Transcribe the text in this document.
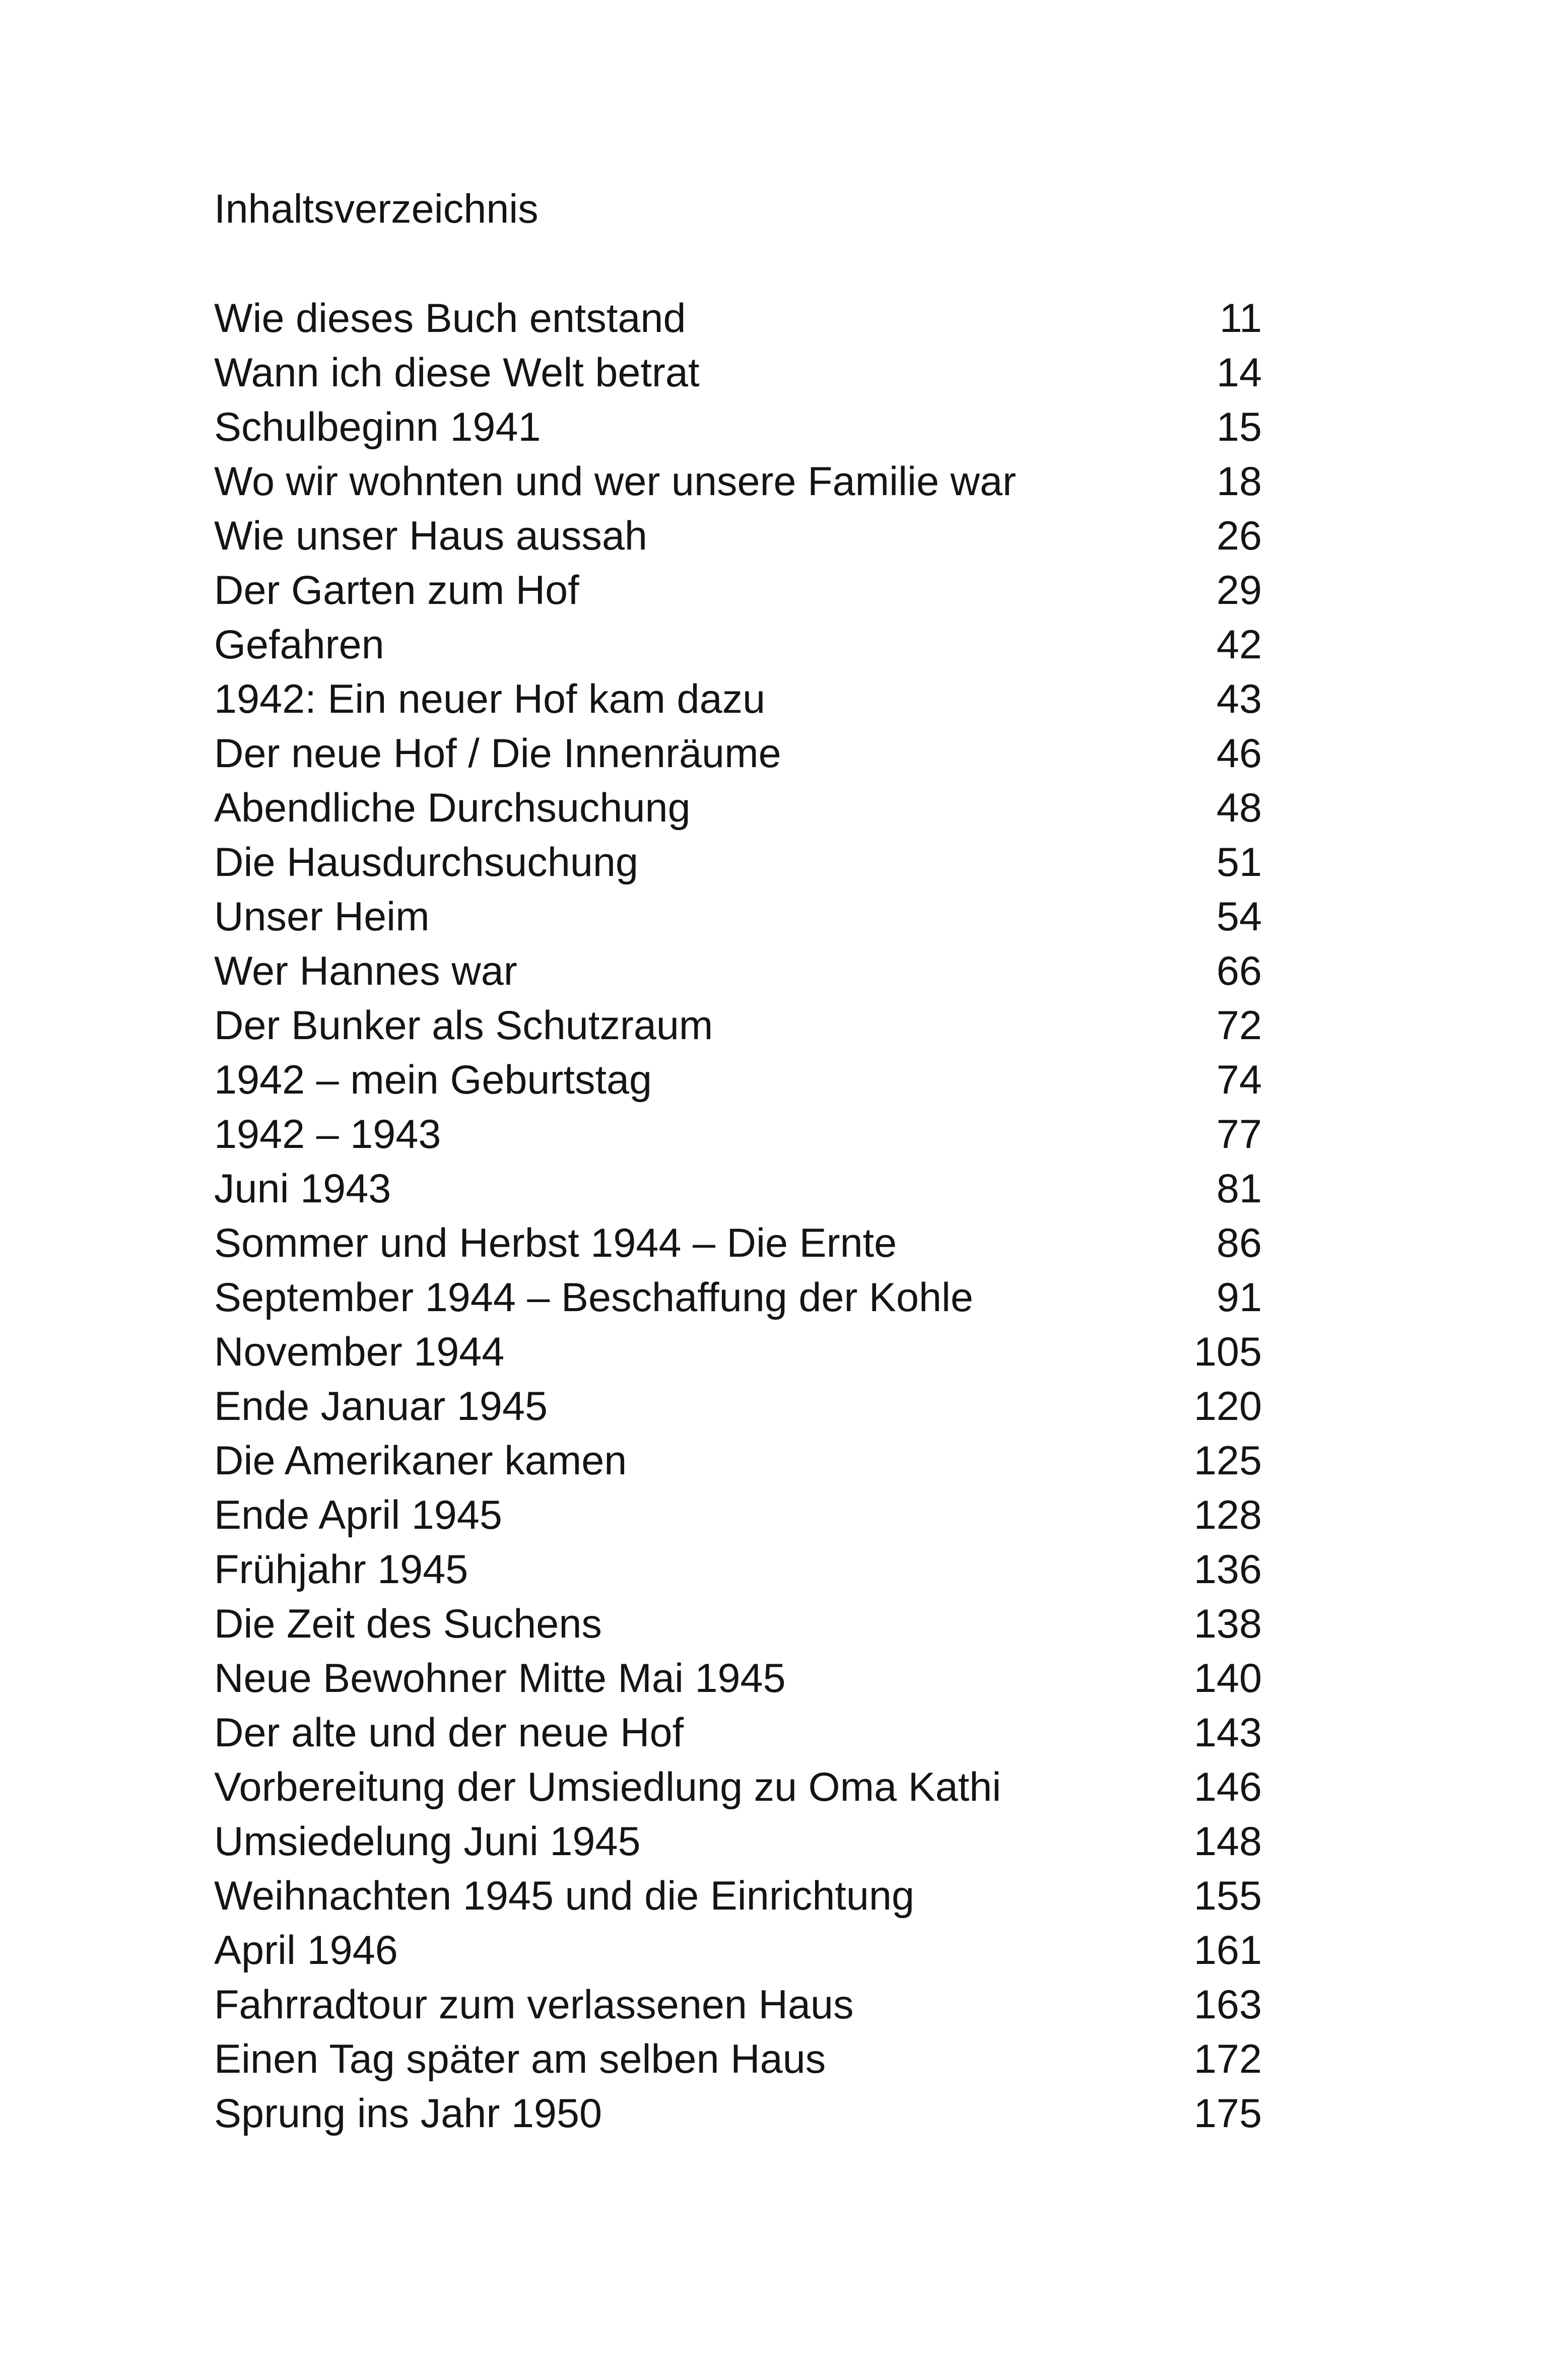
Inhaltsverzeichnis
Wie dieses Buch entstand	11
Wann ich diese Welt betrat	14
Schulbeginn 1941	15
Wo wir wohnten und wer unsere Familie war	18
Wie unser Haus aussah	26
Der Garten zum Hof	29
Gefahren	42
1942: Ein neuer Hof kam dazu	43
Der neue Hof / Die Innenräume	46
Abendliche Durchsuchung	48
Die Hausdurchsuchung	51
Unser Heim	54
Wer Hannes war	66
Der Bunker als Schutzraum	72
1942 – mein Geburtstag	74
1942 – 1943	77
Juni 1943	81
Sommer und Herbst 1944 – Die Ernte	86
September 1944 – Beschaffung der Kohle	91
November 1944	105
Ende Januar 1945	120
Die Amerikaner kamen	125
Ende April 1945	128
Frühjahr 1945	136
Die Zeit des Suchens	138
Neue Bewohner Mitte Mai 1945	140
Der alte und der neue Hof	143
Vorbereitung der Umsiedlung zu Oma Kathi	146
Umsiedelung Juni 1945	148
Weihnachten 1945 und die Einrichtung	155
April 1946	161
Fahrradtour zum verlassenen Haus	163
Einen Tag später am selben Haus	172
Sprung ins Jahr 1950	175
